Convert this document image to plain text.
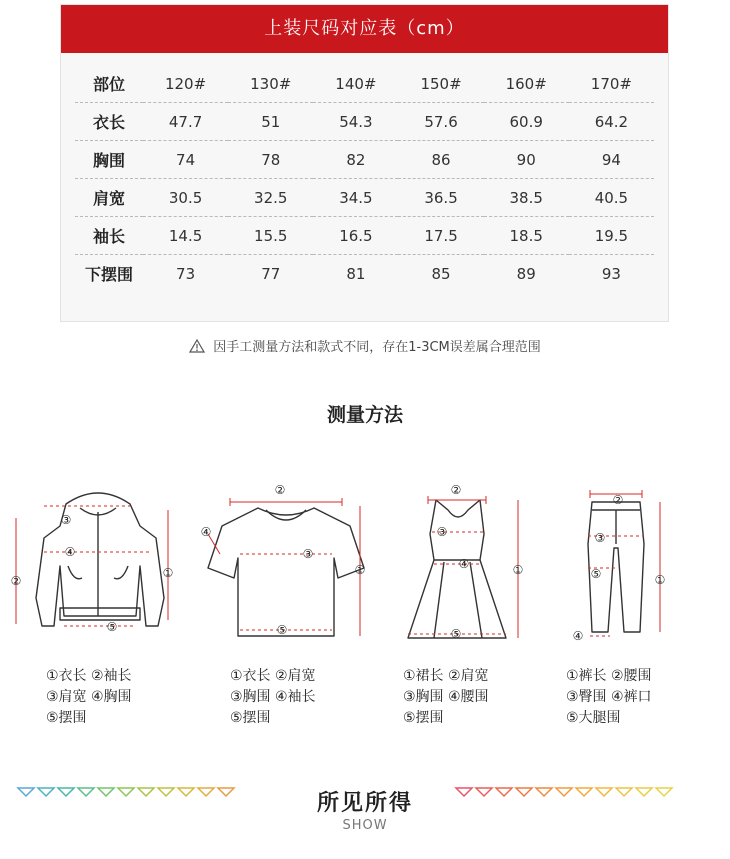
上装尺码对应表（cm）
部位	120#	130#	140#	150#	160#	170#
衣长	47.7	51	54.3	57.6	60.9	64.2
胸围	74	78	82	86	90	94
肩宽	30.5	32.5	34.5	36.5	38.5	40.5
袖长	14.5	15.5	16.5	17.5	18.5	19.5
下摆围	73	77	81	85	89	93
因手工测量方法和款式不同，存在1-3CM误差属合理范围
测量方法
①
②
③
④
⑤
①衣长 ②袖长
③肩宽 ④胸围
⑤摆围
①
②
③
④
⑤
①衣长 ②肩宽
③胸围 ④袖长
⑤摆围
①
②
③
④
⑤
①裙长 ②肩宽
③胸围 ④腰围
⑤摆围
①
②
③
④
⑤
①裤长 ②腰围
③臀围 ④裤口
⑤大腿围
所见所得
SHOW
